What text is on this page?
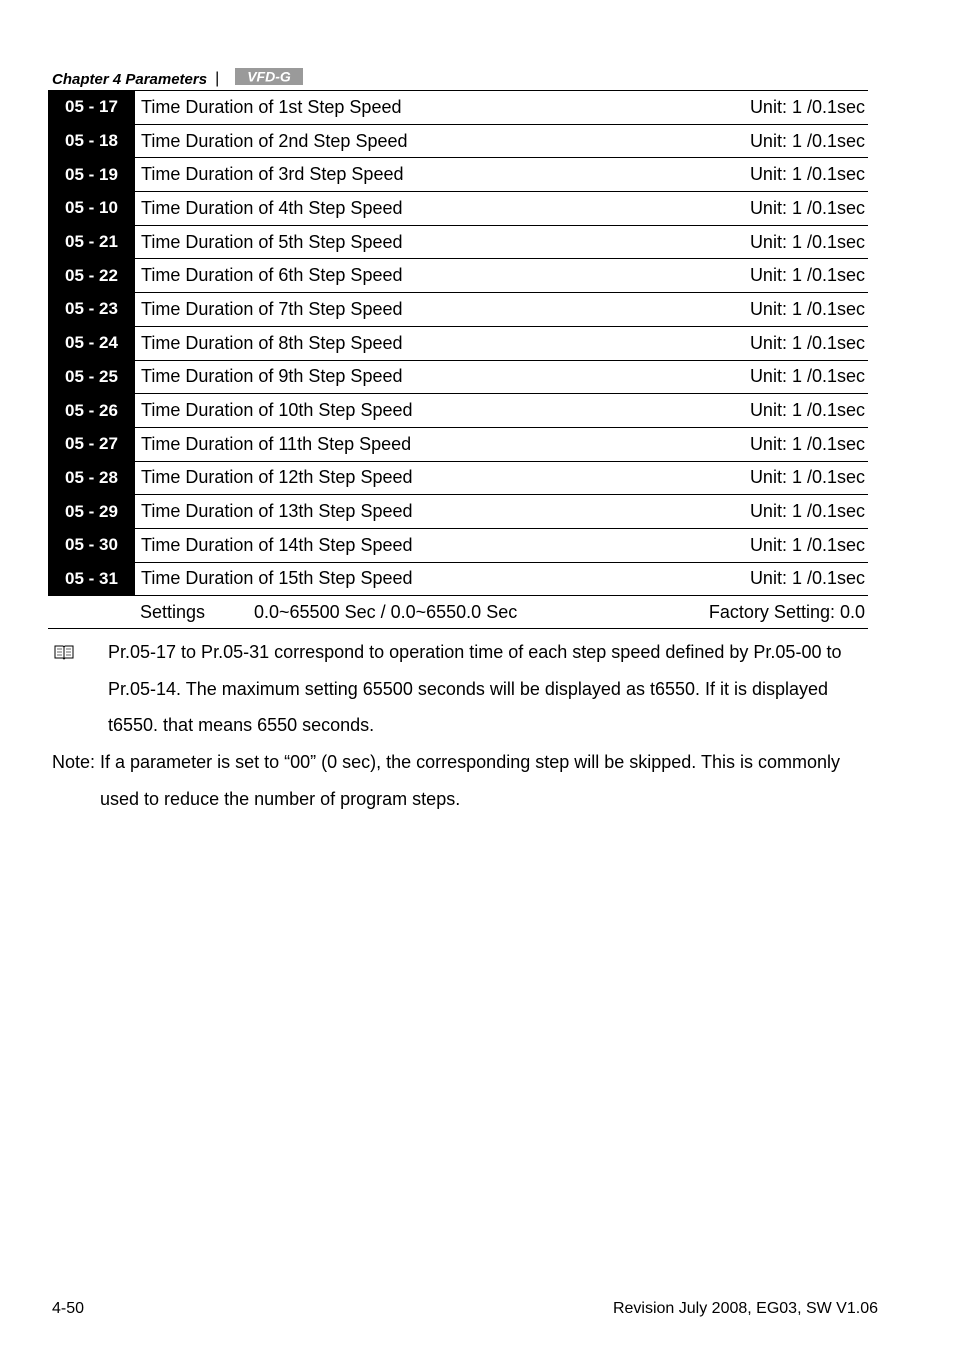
Chapter 4 Parameters | VFD-G
05 - 17	Time Duration of 1st Step Speed	Unit: 1 /0.1sec
05 - 18	Time Duration of 2nd Step Speed	Unit: 1 /0.1sec
05 - 19	Time Duration of 3rd Step Speed	Unit: 1 /0.1sec
05 - 10	Time Duration of 4th Step Speed	Unit: 1 /0.1sec
05 - 21	Time Duration of 5th Step Speed	Unit: 1 /0.1sec
05 - 22	Time Duration of 6th Step Speed	Unit: 1 /0.1sec
05 - 23	Time Duration of 7th Step Speed	Unit: 1 /0.1sec
05 - 24	Time Duration of 8th Step Speed	Unit: 1 /0.1sec
05 - 25	Time Duration of 9th Step Speed	Unit: 1 /0.1sec
05 - 26	Time Duration of 10th Step Speed	Unit: 1 /0.1sec
05 - 27	Time Duration of 11th Step Speed	Unit: 1 /0.1sec
05 - 28	Time Duration of 12th Step Speed	Unit: 1 /0.1sec
05 - 29	Time Duration of 13th Step Speed	Unit: 1 /0.1sec
05 - 30	Time Duration of 14th Step Speed	Unit: 1 /0.1sec
05 - 31	Time Duration of 15th Step Speed	Unit: 1 /0.1sec
Settings	0.0~65500 Sec / 0.0~6550.0 Sec	Factory Setting: 0.0
Pr.05-17 to Pr.05-31 correspond to operation time of each step speed defined by Pr.05-00 to
Pr.05-14. The maximum setting 65500 seconds will be displayed as t6550. If it is displayed
t6550. that means 6550 seconds.
Note: If a parameter is set to “00” (0 sec), the corresponding step will be skipped. This is commonly
used to reduce the number of program steps.
4-50	Revision July 2008, EG03, SW V1.06
